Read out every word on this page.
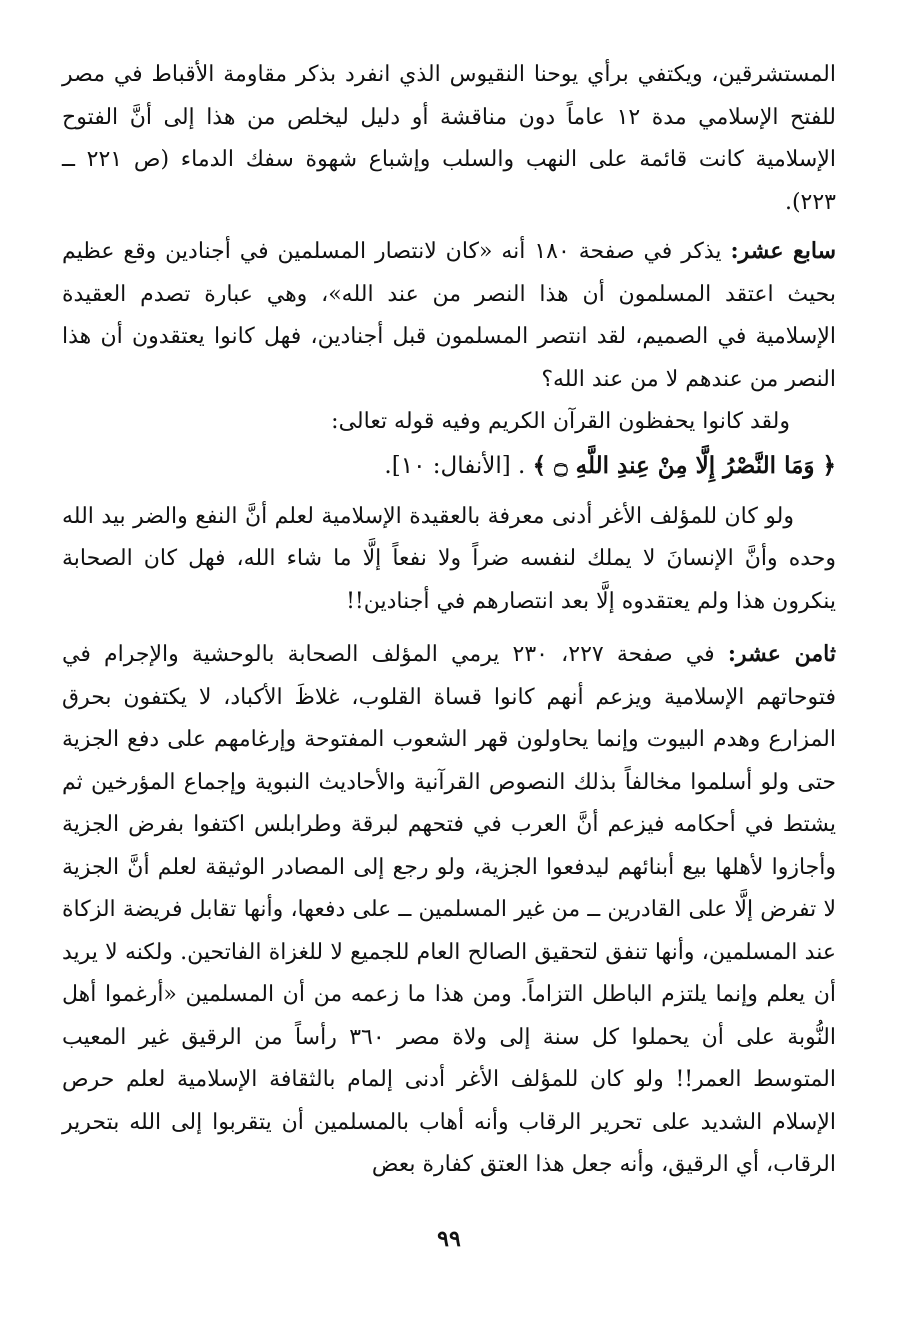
المستشرقين، ويكتفي برأي يوحنا النقيوس الذي انفرد بذكر مقاومة الأقباط في مصر للفتح الإسلامي مدة ١٢ عاماً دون مناقشة أو دليل ليخلص من هذا إلى أنَّ الفتوح الإسلامية كانت قائمة على النهب والسلب وإشباع شهوة سفك الدماء (ص ٢٢١ ــ ٢٢٣).

سابع عشر: يذكر في صفحة ١٨٠ أنه «كان لانتصار المسلمين في أجنادين وقع عظيم بحيث اعتقد المسلمون أن هذا النصر من عند الله»، وهي عبارة تصدم العقيدة الإسلامية في الصميم، لقد انتصر المسلمون قبل أجنادين، فهل كانوا يعتقدون أن هذا النصر من عندهم لا من عند الله؟

ولقد كانوا يحفظون القرآن الكريم وفيه قوله تعالى:

﴿ وَمَا النَّصْرُ إِلَّا مِنْ عِندِ اللَّهِ ۝ ﴾ . [الأنفال: ١٠].

ولو كان للمؤلف الأغر أدنى معرفة بالعقيدة الإسلامية لعلم أنَّ النفع والضر بيد الله وحده وأنَّ الإنسانَ لا يملك لنفسه ضراً ولا نفعاً إلَّا ما شاء الله، فهل كان الصحابة ينكرون هذا ولم يعتقدوه إلَّا بعد انتصارهم في أجنادين!!

ثامن عشر: في صفحة ٢٢٧، ٢٣٠ يرمي المؤلف الصحابة بالوحشية والإجرام في فتوحاتهم الإسلامية ويزعم أنهم كانوا قساة القلوب، غلاظَ الأكباد، لا يكتفون بحرق المزارع وهدم البيوت وإنما يحاولون قهر الشعوب المفتوحة وإرغامهم على دفع الجزية حتى ولو أسلموا مخالفاً بذلك النصوص القرآنية والأحاديث النبوية وإجماع المؤرخين ثم يشتط في أحكامه فيزعم أنَّ العرب في فتحهم لبرقة وطرابلس اكتفوا بفرض الجزية وأجازوا لأهلها بيع أبنائهم ليدفعوا الجزية، ولو رجع إلى المصادر الوثيقة لعلم أنَّ الجزية لا تفرض إلَّا على القادرين ــ من غير المسلمين ــ على دفعها، وأنها تقابل فريضة الزكاة عند المسلمين، وأنها تنفق لتحقيق الصالح العام للجميع لا للغزاة الفاتحين. ولكنه لا يريد أن يعلم وإنما يلتزم الباطل التزاماً. ومن هذا ما زعمه من أن المسلمين «أرغموا أهل النُّوبة على أن يحملوا كل سنة إلى ولاة مصر ٣٦٠ رأساً من الرقيق غير المعيب المتوسط العمر!! ولو كان للمؤلف الأغر أدنى إلمام بالثقافة الإسلامية لعلم حرص الإسلام الشديد على تحرير الرقاب وأنه أهاب بالمسلمين أن يتقربوا إلى الله بتحرير الرقاب، أي الرقيق، وأنه جعل هذا العتق كفارة بعض

٩٩
